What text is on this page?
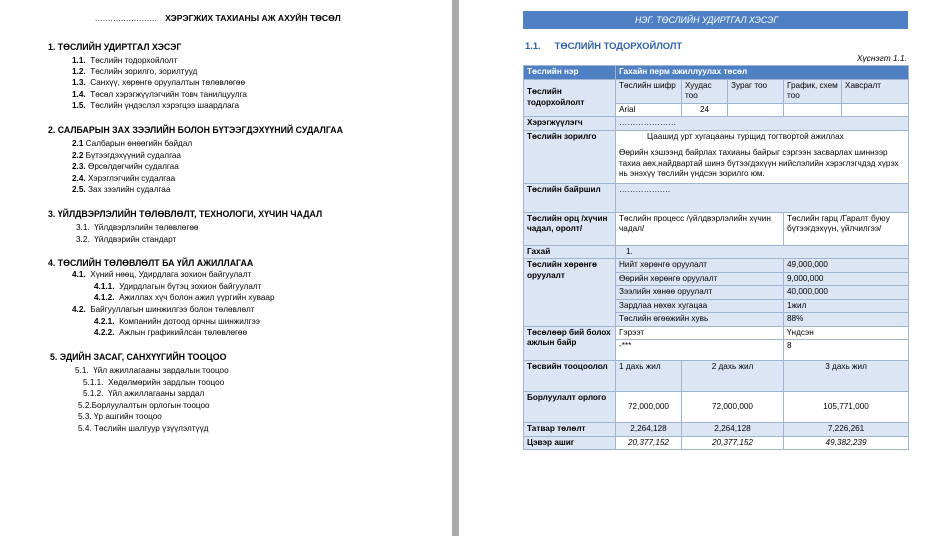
........................ ХЭРЭГЖИХ ТАХИАНЫ АЖ АХУЙН ТӨСӨЛ
1. ТӨСЛИЙН УДИРТГАЛ ХЭСЭГ
1.1. Төслийн тодорхойлолт
1.2. Төслийн зорилго, зорилтууд
1.3. Санхүү, хөрөнгө оруулалтын төлөвлөгөө
1.4. Төсөл хэрэгжүүлэгчийн товч танилцуулга
1.5. Төслийн үндэслэл хэрэгцээ шаардлага
2. САЛБАРЫН ЗАХ ЗЭЭЛИЙН БОЛОН БҮТЭЭГДЭХҮҮНИЙ СУДАЛГАА
2.1 Салбарын өнөөгийн байдал
2.2 Бүтээгдэхүүний судалгаа
2.3. Өрсөлдөгчийн судалгаа
2.4. Хэрэглэгчийн судалгаа
2.5. Зах зээлийн судалгаа
3. ҮЙЛДВЭРЛЭЛИЙН ТӨЛӨВЛӨЛТ, ТЕХНОЛОГИ, ХҮЧИН ЧАДАЛ
3.1. Үйлдвэрлэлийн төлөвлөгөө
3.2. Үйлдвэрийн стандарт
4. ТӨСЛИЙН ТӨЛӨВЛӨЛТ БА ҮЙЛ АЖИЛЛАГАА
4.1. Хүний нөөц, Удирдлага зохион байгуулалт
4.1.1. Удирдлагын бүтэц зохион байгуулалт
4.1.2. Ажиллах хүч болон ажил үүргийн хуваар
4.2. Байгууллагын шинжилгээ болон төлөвлөлт
4.2.1. Компанийн дотоод орчны шинжилгээ
4.2.2. Ажлын графикийлсан төлөвлөгөө
5. ЭДИЙН ЗАСАГ, САНХҮҮГИЙН ТООЦОО
5.1. Үйл ажиллагааны зардалын тооцоо
5.1.1. Хөдөлмөрийн зардлын тооцоо
5.1.2. Үйл ажиллагааны зардал
5.2.Борлуулалтын орлогын тооцоо
5.3. Үр ашгийн тооцоо
5.4. Төслийн шалгуур үзүүлэлтүүд
НЭГ. ТӨСЛИЙН УДИРТГАЛ ХЭСЭГ
1.1. ТӨСЛИЙН ТОДОРХОЙЛОЛТ
Хүснэгт 1.1.
Төслийн нэр	Гахайн перм ажиллуулах төсөл				
Төслийн тодорхойлолт	Төслийн шифр	Хуудас тоо	Зураг тоо	График, схем тоо	Хавсралт
	Arial	24			
Хэрэгжүүлэгч	…………………				
Төслийн зорилго	Цаашид урт хугацааны турщид тогтвортой ажиллах
Өөрийн хэшээнд байрлах тахианы байрыг сэргээн засварлах шиннээр тахиа аөх,найдвартай шинэ бүтээгдэхүүн нийслэлийн хэрэглэгчдэд хүрэх нь энэхүү төслийн үндсэн зорилго юм.				

Төслийн байршил	…………….…				
Төслийн орц /хүчин чадал, оролт/	Төслийн процесс /үйлдвэрлэлийн хүчин чадал/			Төслийн гарц /Гаралт буюу бүтээгдэхүүн, үйлчилгээ/	
Гахай	1.				
Төслийн хөрөнгө оруулалт	Нийт хөрөнгө оруулалт			49,000,000	
	Өөрийн хөрөнгө оруулалт			9,000,000	
	Зээлийн хөнөө оруулалт			40,000,000	
	Зардлаа нөхөх хугацаа			1жил	
	Төслийн өгөөжийн хувь			88%	
Төсөлөөр бий болох ажлын байр	Гэрээт			Үндсэн	
	-***			8	
Төсвийн тооцоолол	1 дахь жил	2 дахь жил		3 дахь жил	
Борлуулалт орлого	72,000,000	72,000,000		105,771,000	
Татвар төлөлт	2,264,128	2,264,128		7,226,261	
Цэвэр ашиг	20,377,152	20,377,152		49,382,239	
